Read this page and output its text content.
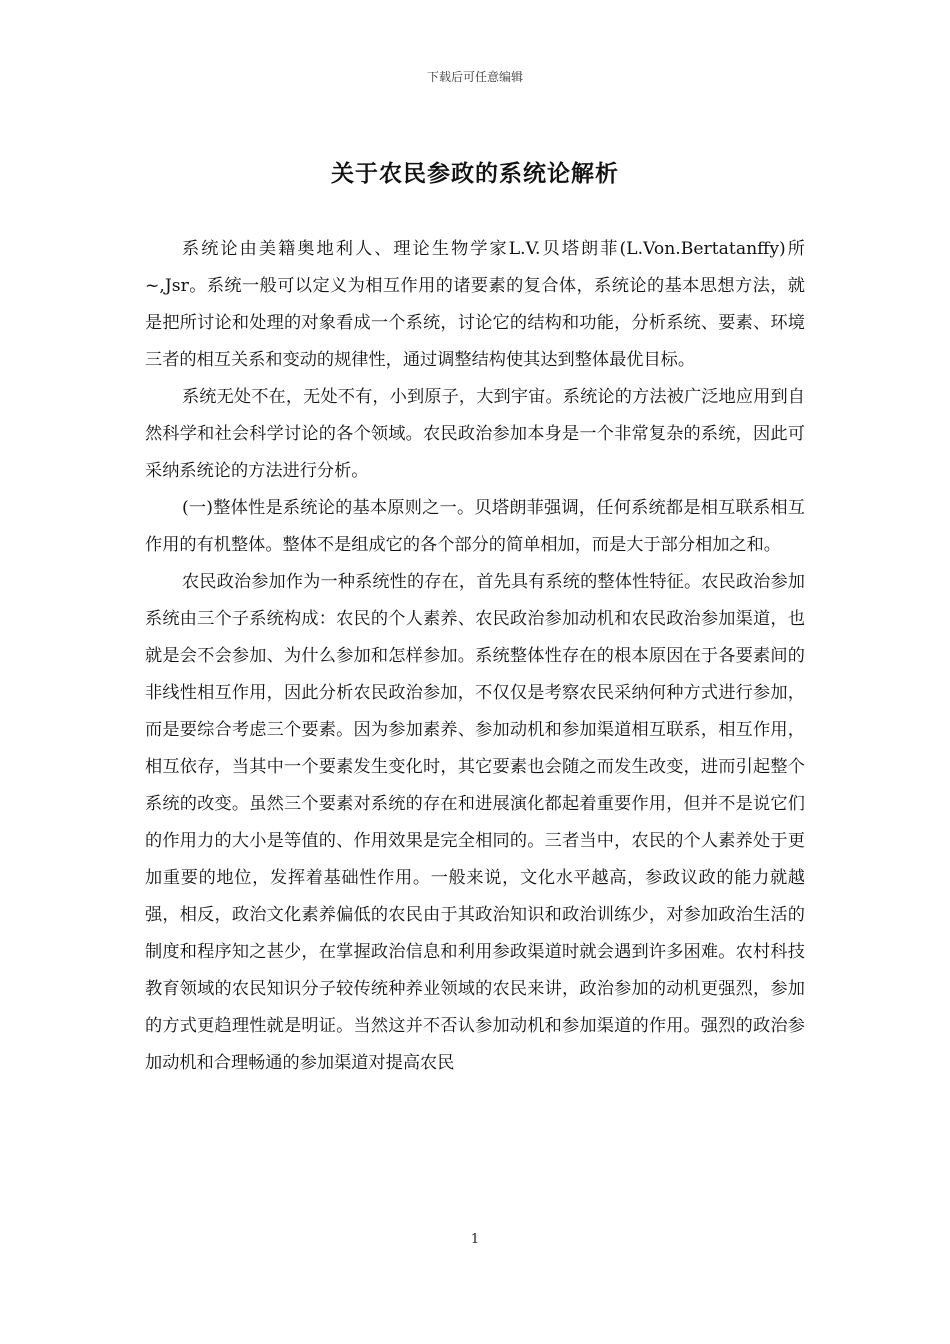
下载后可任意编辑
关于农民参政的系统论解析

系统论由美籍奥地利人、理论生物学家L.V.贝塔朗菲(L.Von.Bertatanffy)所~,Jsr。系统一般可以定义为相互作用的诸要素的复合体，系统论的基本思想方法，就是把所讨论和处理的对象看成一个系统，讨论它的结构和功能，分析系统、要素、环境三者的相互关系和变动的规律性，通过调整结构使其达到整体最优目标。

系统无处不在，无处不有，小到原子，大到宇宙。系统论的方法被广泛地应用到自然科学和社会科学讨论的各个领域。农民政治参加本身是一个非常复杂的系统，因此可采纳系统论的方法进行分析。

(一)整体性是系统论的基本原则之一。贝塔朗菲强调，任何系统都是相互联系相互作用的有机整体。整体不是组成它的各个部分的简单相加，而是大于部分相加之和。

农民政治参加作为一种系统性的存在，首先具有系统的整体性特征。农民政治参加系统由三个子系统构成：农民的个人素养、农民政治参加动机和农民政治参加渠道，也就是会不会参加、为什么参加和怎样参加。系统整体性存在的根本原因在于各要素间的非线性相互作用，因此分析农民政治参加，不仅仅是考察农民采纳何种方式进行参加，而是要综合考虑三个要素。因为参加素养、参加动机和参加渠道相互联系，相互作用，相互依存，当其中一个要素发生变化时，其它要素也会随之而发生改变，进而引起整个系统的改变。虽然三个要素对系统的存在和进展演化都起着重要作用，但并不是说它们的作用力的大小是等值的、作用效果是完全相同的。三者当中，农民的个人素养处于更加重要的地位，发挥着基础性作用。一般来说，文化水平越高，参政议政的能力就越强，相反，政治文化素养偏低的农民由于其政治知识和政治训练少，对参加政治生活的制度和程序知之甚少，在掌握政治信息和利用参政渠道时就会遇到许多困难。农村科技教育领域的农民知识分子较传统种养业领域的农民来讲，政治参加的动机更强烈，参加的方式更趋理性就是明证。当然这并不否认参加动机和参加渠道的作用。强烈的政治参加动机和合理畅通的参加渠道对提高农民

1
